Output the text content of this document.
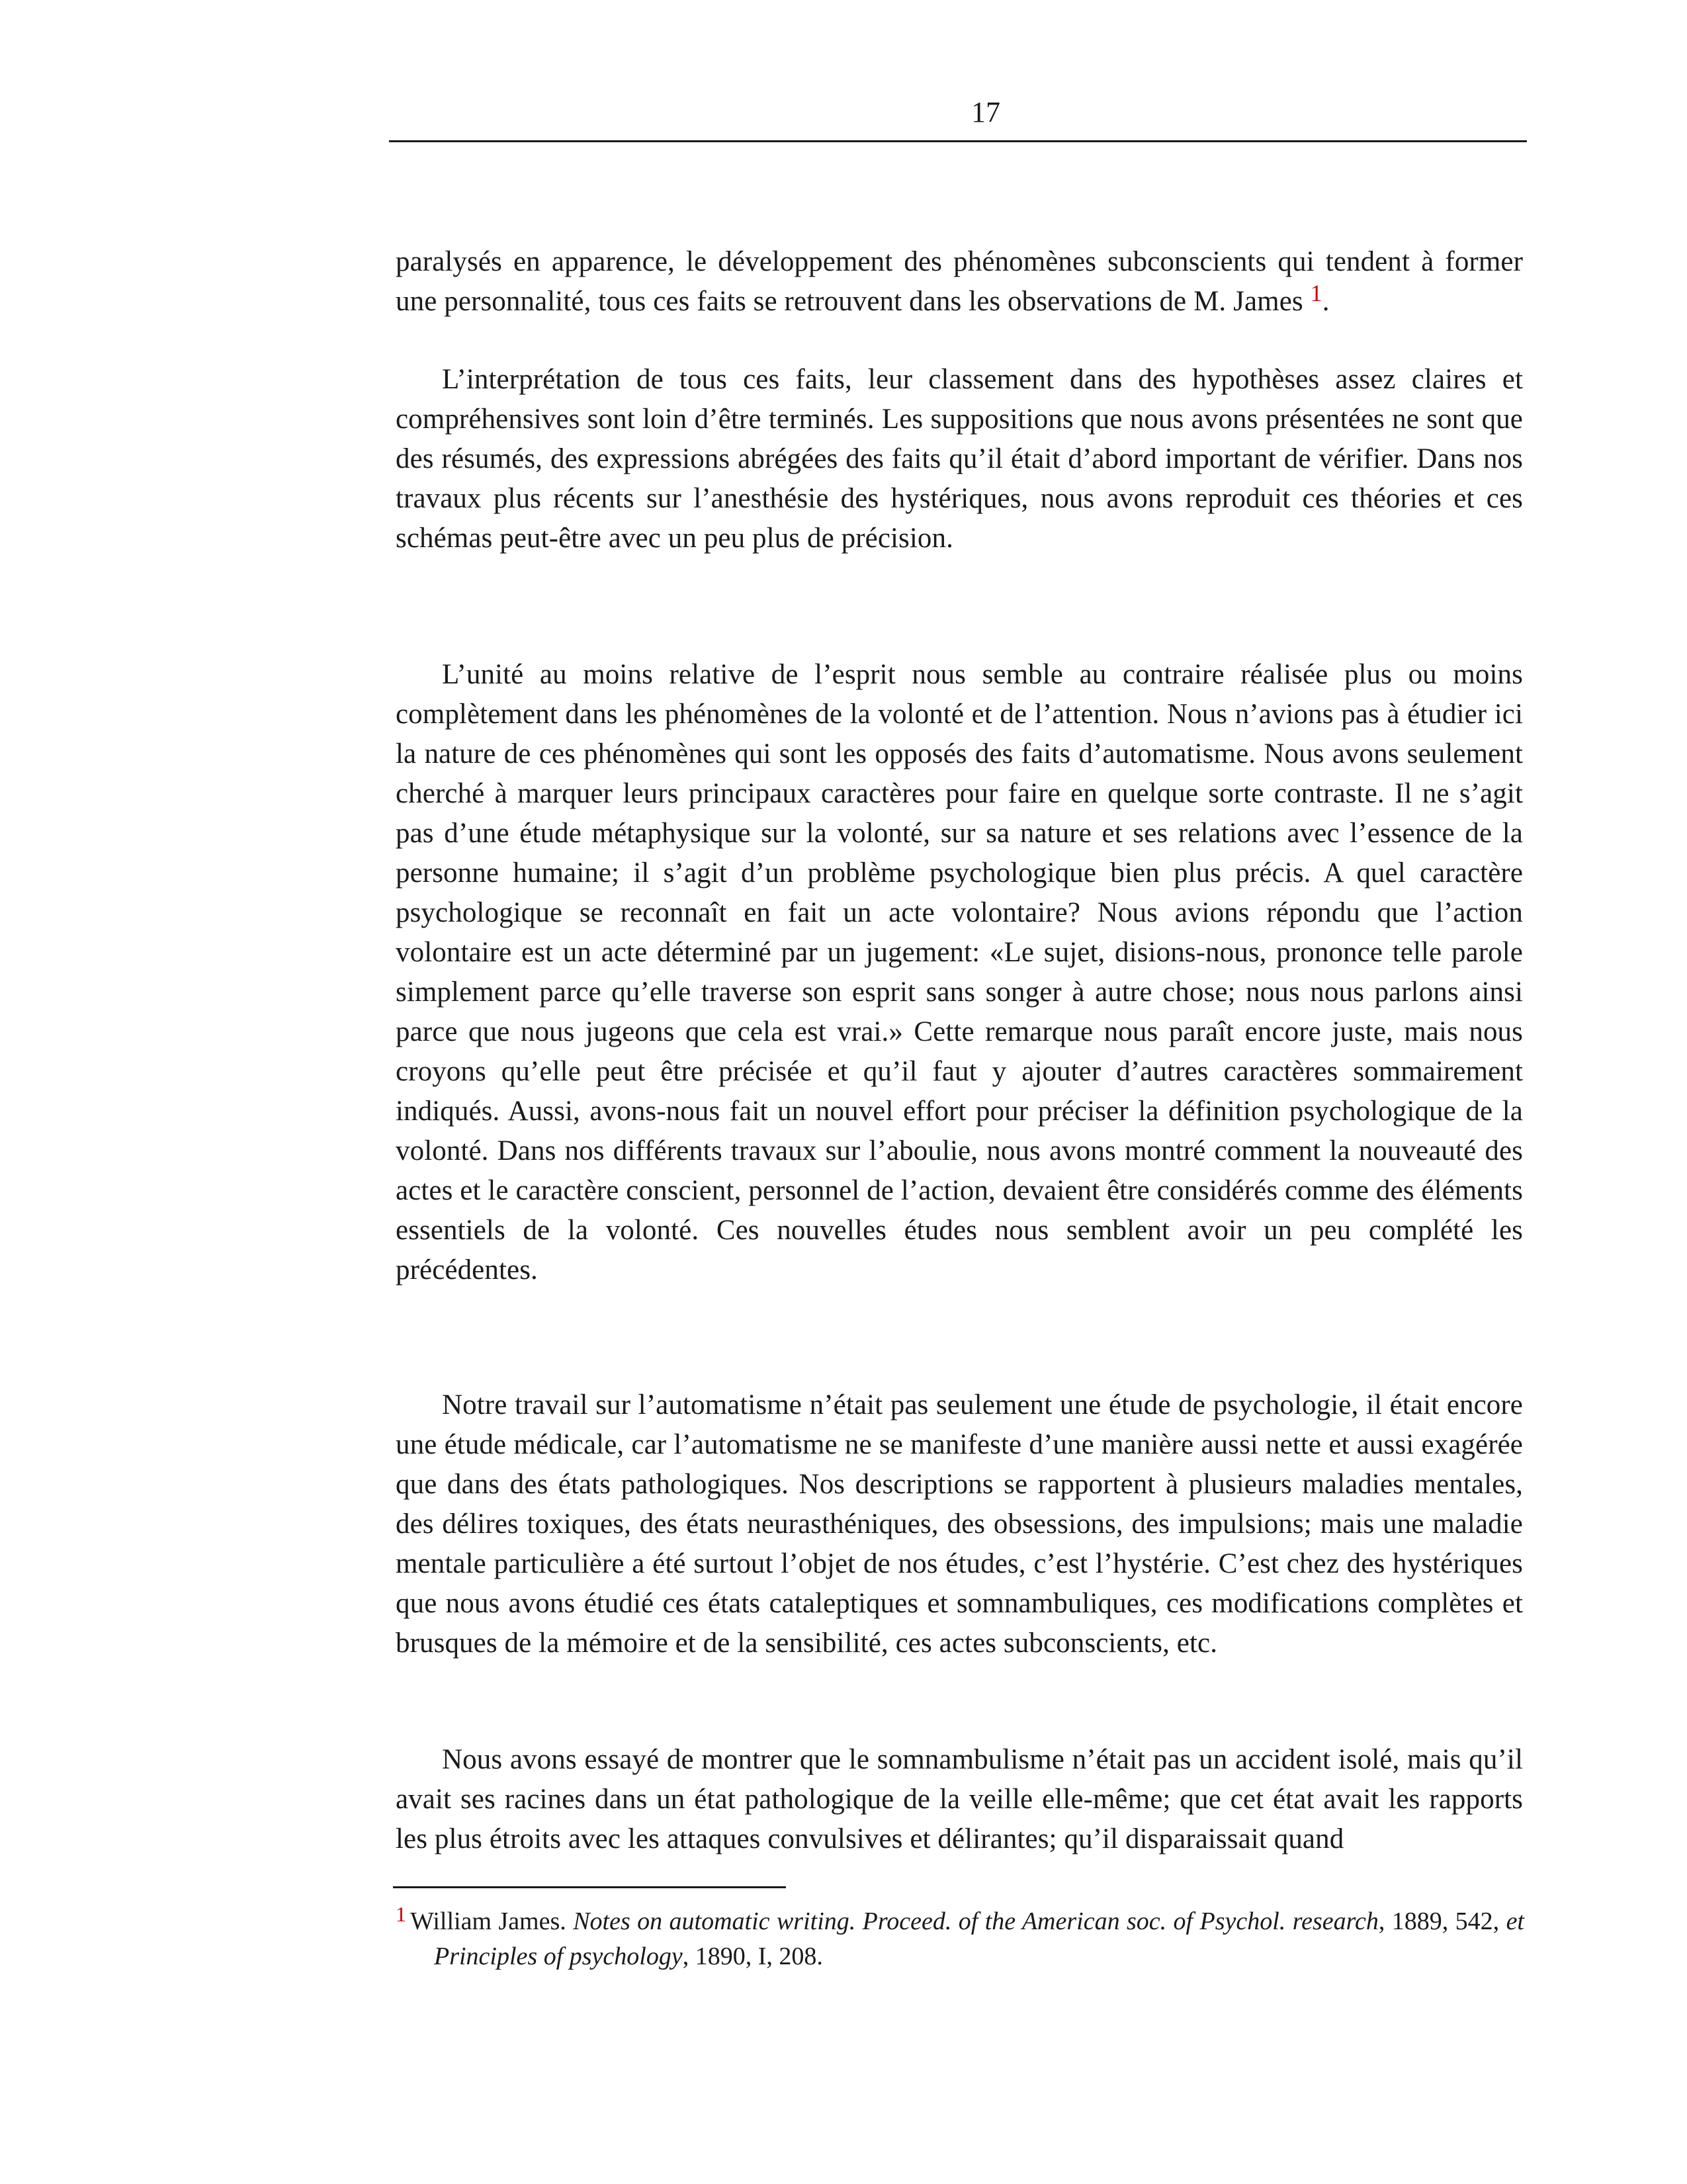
17

paralysés en apparence, le développement des phénomènes subconscients qui tendent à former une personnalité, tous ces faits se retrouvent dans les observations de M. James $^1$.

L’interprétation de tous ces faits, leur classement dans des hypothèses assez claires et compréhensives sont loin d’être terminés. Les suppositions que nous avons présentées ne sont que des résumés, des expressions abrégées des faits qu’il était d’abord important de vérifier. Dans nos travaux plus récents sur l’anesthésie des hystériques, nous avons reproduit ces théories et ces schémas peut-être avec un peu plus de précision.

L’unité au moins relative de l’esprit nous semble au contraire réalisée plus ou moins complètement dans les phénomènes de la volonté et de l’attention. Nous n’avions pas à étudier ici la nature de ces phénomènes qui sont les opposés des faits d’automatisme. Nous avons seulement cherché à marquer leurs principaux caractères pour faire en quelque sorte contraste. Il ne s’agit pas d’une étude métaphysique sur la volonté, sur sa nature et ses relations avec l’essence de la personne humaine; il s’agit d’un problème psychologique bien plus précis. A quel caractère psychologique se reconnaît en fait un acte volontaire? Nous avions répondu que l’action volontaire est un acte déterminé par un jugement: «Le sujet, disions-nous, prononce telle parole simplement parce qu’elle traverse son esprit sans songer à autre chose; nous nous parlons ainsi parce que nous jugeons que cela est vrai.» Cette remarque nous paraît encore juste, mais nous croyons qu’elle peut être précisée et qu’il faut y ajouter d’autres caractères sommairement indiqués. Aussi, avons-nous fait un nouvel effort pour préciser la définition psychologique de la volonté. Dans nos différents travaux sur l’aboulie, nous avons montré comment la nouveauté des actes et le caractère conscient, personnel de l’action, devaient être considérés comme des éléments essentiels de la volonté. Ces nouvelles études nous semblent avoir un peu complété les précédentes.

Notre travail sur l’automatisme n’était pas seulement une étude de psychologie, il était encore une étude médicale, car l’automatisme ne se manifeste d’une manière aussi nette et aussi exagérée que dans des états pathologiques. Nos descriptions se rapportent à plusieurs maladies mentales, des délires toxiques, des états neurasthéniques, des obsessions, des impulsions; mais une maladie mentale particulière a été surtout l’objet de nos études, c’est l’hystérie. C’est chez des hystériques que nous avons étudié ces états cataleptiques et somnambuliques, ces modifications complètes et brusques de la mémoire et de la sensibilité, ces actes subconscients, etc.

Nous avons essayé de montrer que le somnambulisme n’était pas un accident isolé, mais qu’il avait ses racines dans un état pathologique de la veille elle-même; que cet état avait les rapports les plus étroits avec les attaques convulsives et délirantes; qu’il disparaissait quand

$^1$ William James. Notes on automatic writing. Proceed. of the American soc. of Psychol. research, 1889, 542, et Principles of psychology, 1890, I, 208.
